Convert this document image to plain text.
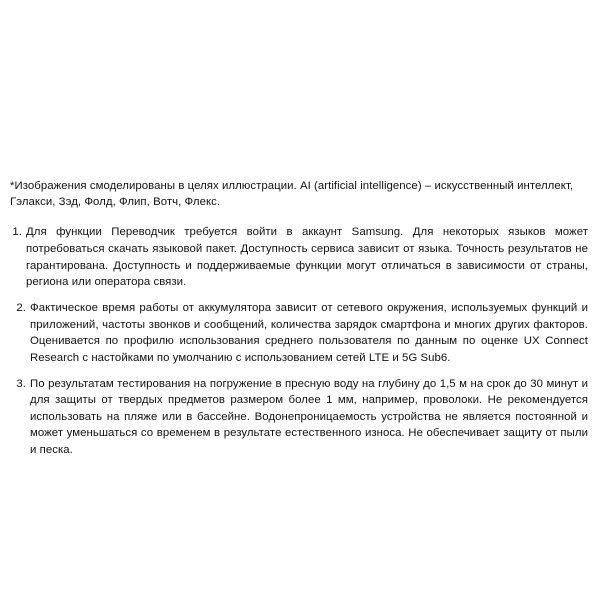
*Изображения смоделированы в целях иллюстрации. AI (artificial intelligence) – искусственный интеллект, Гэлакси, Зэд, Фолд, Флип, Вотч, Флекс.

1. Для функции Переводчик требуется войти в аккаунт Samsung. Для некоторых языков может потребоваться скачать языковой пакет. Доступность сервиса зависит от языка. Точность результатов не гарантирована. Доступность и поддерживаемые функции могут отличаться в зависимости от страны, региона или оператора связи.
2. Фактическое время работы от аккумулятора зависит от сетевого окружения, используемых функций и приложений, частоты звонков и сообщений, количества зарядок смартфона и многих других факторов. Оценивается по профилю использования среднего пользователя по данным по оценке UX Connect Research с настойками по умолчанию с использованием сетей LTE и 5G Sub6.
3. По результатам тестирования на погружение в пресную воду на глубину до 1,5 м на срок до 30 минут и для защиты от твердых предметов размером более 1 мм, например, проволоки. Не рекомендуется использовать на пляже или в бассейне. Водонепроницаемость устройства не является постоянной и может уменьшаться со временем в результате естественного износа. Не обеспечивает защиту от пыли и песка.
